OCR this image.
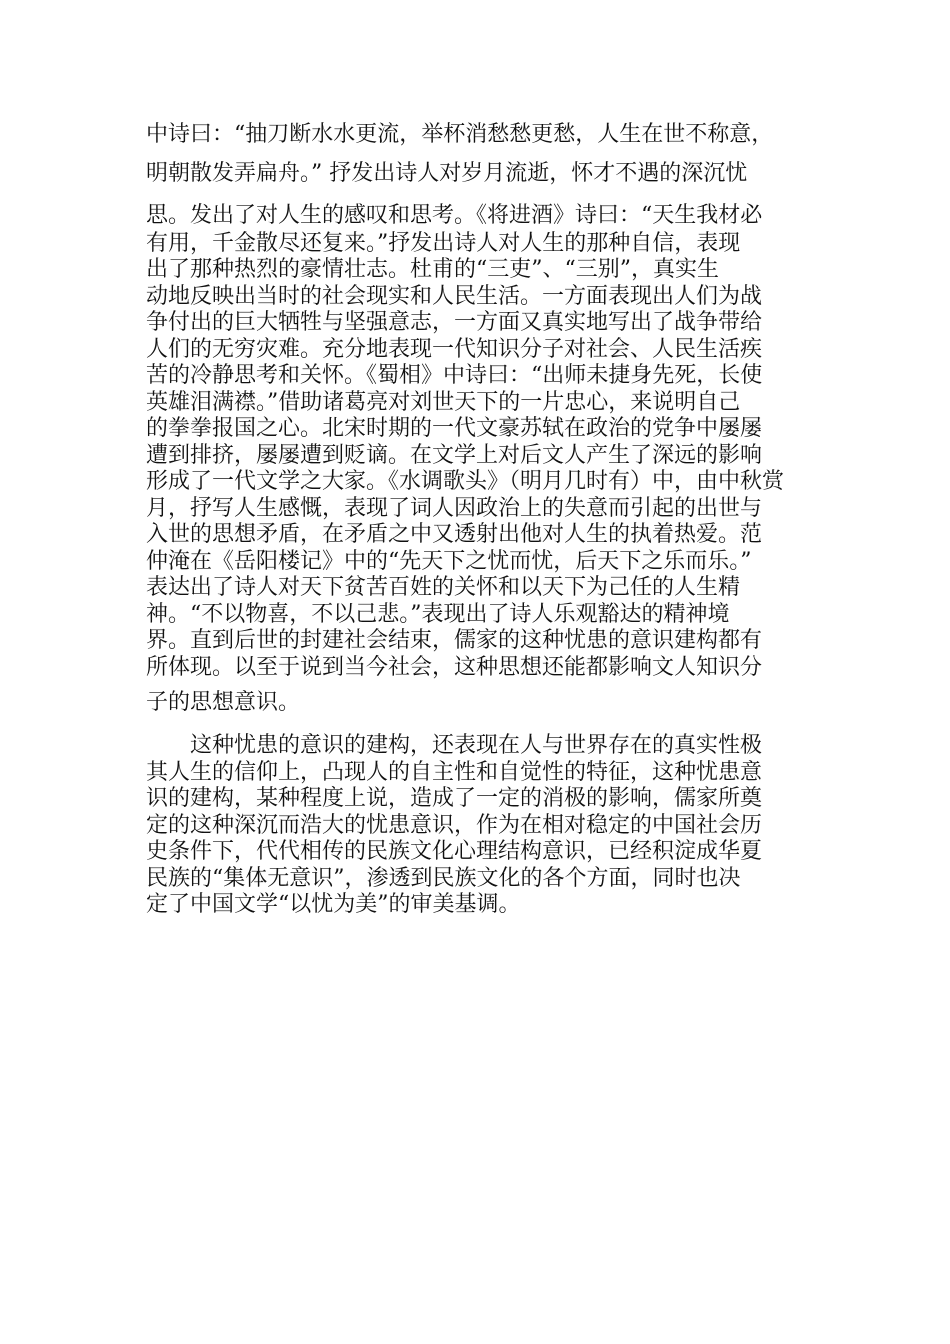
中诗曰：“抽刀断水水更流，举杯消愁愁更愁，人生在世不称意，
明朝散发弄扁舟。” 抒发出诗人对岁月流逝，怀才不遇的深沉忧
思。发出了对人生的感叹和思考。《将进酒》诗曰：“天生我材必
有用，千金散尽还复来。”抒发出诗人对人生的那种自信，表现
出了那种热烈的豪情壮志。杜甫的“三吏”、“三别”，真实生
动地反映出当时的社会现实和人民生活。一方面表现出人们为战
争付出的巨大牺牲与坚强意志，一方面又真实地写出了战争带给
人们的无穷灾难。充分地表现一代知识分子对社会、人民生活疾
苦的冷静思考和关怀。《蜀相》中诗曰：“出师未捷身先死，长使
英雄泪满襟。”借助诸葛亮对刘世天下的一片忠心，来说明自己
的拳拳报国之心。北宋时期的一代文豪苏轼在政治的党争中屡屡
遭到排挤，屡屡遭到贬谪。在文学上对后文人产生了深远的影响
形成了一代文学之大家。《水调歌头》（明月几时有）中，由中秋赏
月，抒写人生感慨，表现了词人因政治上的失意而引起的出世与
入世的思想矛盾，在矛盾之中又透射出他对人生的执着热爱。范
仲淹在《岳阳楼记》中的“先天下之忧而忧，后天下之乐而乐。”
表达出了诗人对天下贫苦百姓的关怀和以天下为己任的人生精
神。“不以物喜，不以己悲。”表现出了诗人乐观豁达的精神境
界。直到后世的封建社会结束，儒家的这种忧患的意识建构都有
所体现。以至于说到当今社会，这种思想还能都影响文人知识分
子的思想意识。
这种忧患的意识的建构，还表现在人与世界存在的真实性极
其人生的信仰上，凸现人的自主性和自觉性的特征，这种忧患意
识的建构，某种程度上说，造成了一定的消极的影响，儒家所奠
定的这种深沉而浩大的忧患意识，作为在相对稳定的中国社会历
史条件下，代代相传的民族文化心理结构意识，已经积淀成华夏
民族的“集体无意识”，渗透到民族文化的各个方面，同时也决
定了中国文学“以忧为美”的审美基调。
